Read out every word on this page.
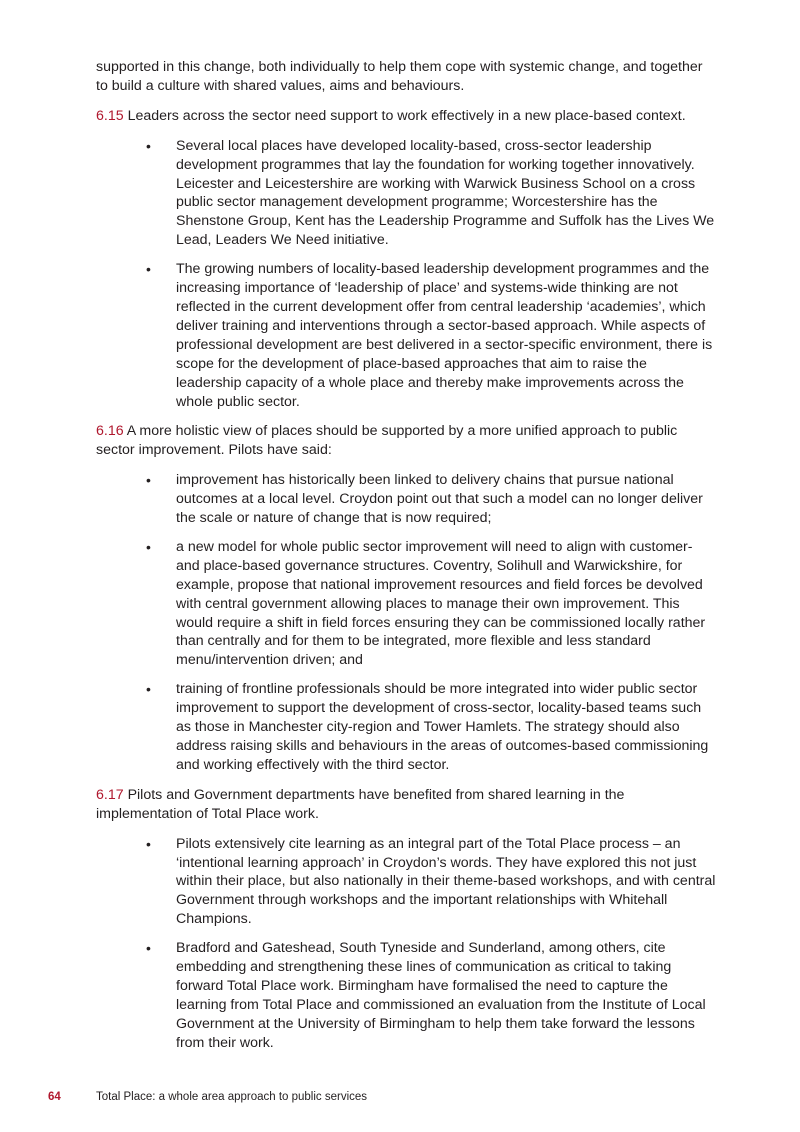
supported in this change, both individually to help them cope with systemic change, and together to build a culture with shared values, aims and behaviours.

6.15 Leaders across the sector need support to work effectively in a new place-based context.

• Several local places have developed locality-based, cross-sector leadership development programmes that lay the foundation for working together innovatively. Leicester and Leicestershire are working with Warwick Business School on a cross public sector management development programme; Worcestershire has the Shenstone Group, Kent has the Leadership Programme and Suffolk has the Lives We Lead, Leaders We Need initiative.
• The growing numbers of locality-based leadership development programmes and the increasing importance of ‘leadership of place’ and systems-wide thinking are not reflected in the current development offer from central leadership ‘academies’, which deliver training and interventions through a sector-based approach. While aspects of professional development are best delivered in a sector-specific environment, there is scope for the development of place-based approaches that aim to raise the leadership capacity of a whole place and thereby make improvements across the whole public sector.

6.16 A more holistic view of places should be supported by a more unified approach to public sector improvement. Pilots have said:

• improvement has historically been linked to delivery chains that pursue national outcomes at a local level. Croydon point out that such a model can no longer deliver the scale or nature of change that is now required;
• a new model for whole public sector improvement will need to align with customer- and place-based governance structures. Coventry, Solihull and Warwickshire, for example, propose that national improvement resources and field forces be devolved with central government allowing places to manage their own improvement. This would require a shift in field forces ensuring they can be commissioned locally rather than centrally and for them to be integrated, more flexible and less standard menu/intervention driven; and
• training of frontline professionals should be more integrated into wider public sector improvement to support the development of cross-sector, locality-based teams such as those in Manchester city-region and Tower Hamlets. The strategy should also address raising skills and behaviours in the areas of outcomes-based commissioning and working effectively with the third sector.

6.17 Pilots and Government departments have benefited from shared learning in the implementation of Total Place work.

• Pilots extensively cite learning as an integral part of the Total Place process – an ‘intentional learning approach’ in Croydon’s words. They have explored this not just within their place, but also nationally in their theme-based workshops, and with central Government through workshops and the important relationships with Whitehall Champions.
• Bradford and Gateshead, South Tyneside and Sunderland, among others, cite embedding and strengthening these lines of communication as critical to taking forward Total Place work. Birmingham have formalised the need to capture the learning from Total Place and commissioned an evaluation from the Institute of Local Government at the University of Birmingham to help them take forward the lessons from their work.
64	Total Place: a whole area approach to public services
